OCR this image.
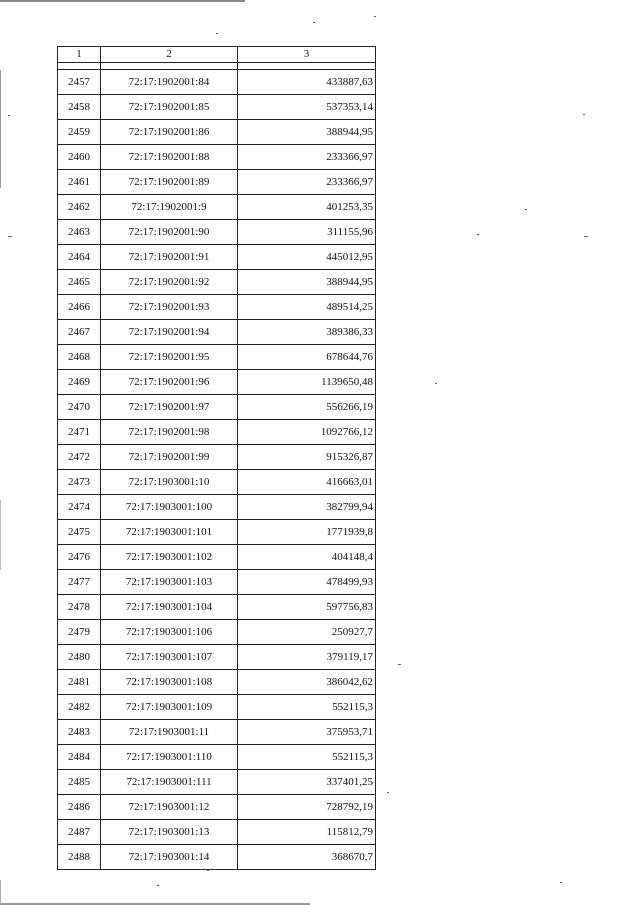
1	2	3

2457	72:17:1902001:84	433887,63
2458	72:17:1902001:85	537353,14
2459	72:17:1902001:86	388944,95
2460	72:17:1902001:88	233366,97
2461	72:17:1902001:89	233366,97
2462	72:17:1902001:9	401253,35
2463	72:17:1902001:90	311155,96
2464	72:17:1902001:91	445012,95
2465	72:17:1902001:92	388944,95
2466	72:17:1902001:93	489514,25
2467	72:17:1902001:94	389386,33
2468	72:17:1902001:95	678644,76
2469	72:17:1902001:96	1139650,48
2470	72:17:1902001:97	556266,19
2471	72:17:1902001:98	1092766,12
2472	72:17:1902001:99	915326,87
2473	72:17:1903001:10	416663,01
2474	72:17:1903001:100	382799,94
2475	72:17:1903001:101	1771939,8
2476	72:17:1903001:102	404148,4
2477	72:17:1903001:103	478499,93
2478	72:17:1903001:104	597756,83
2479	72:17:1903001:106	250927,7
2480	72:17:1903001:107	379119,17
2481	72:17:1903001:108	386042,62
2482	72:17:1903001:109	552115,3
2483	72:17:1903001:11	375953,71
2484	72:17:1903001:110	552115,3
2485	72:17:1903001:111	337401,25
2486	72:17:1903001:12	728792,19
2487	72:17:1903001:13	115812,79
2488	72:17:1903001:14	368670,7
